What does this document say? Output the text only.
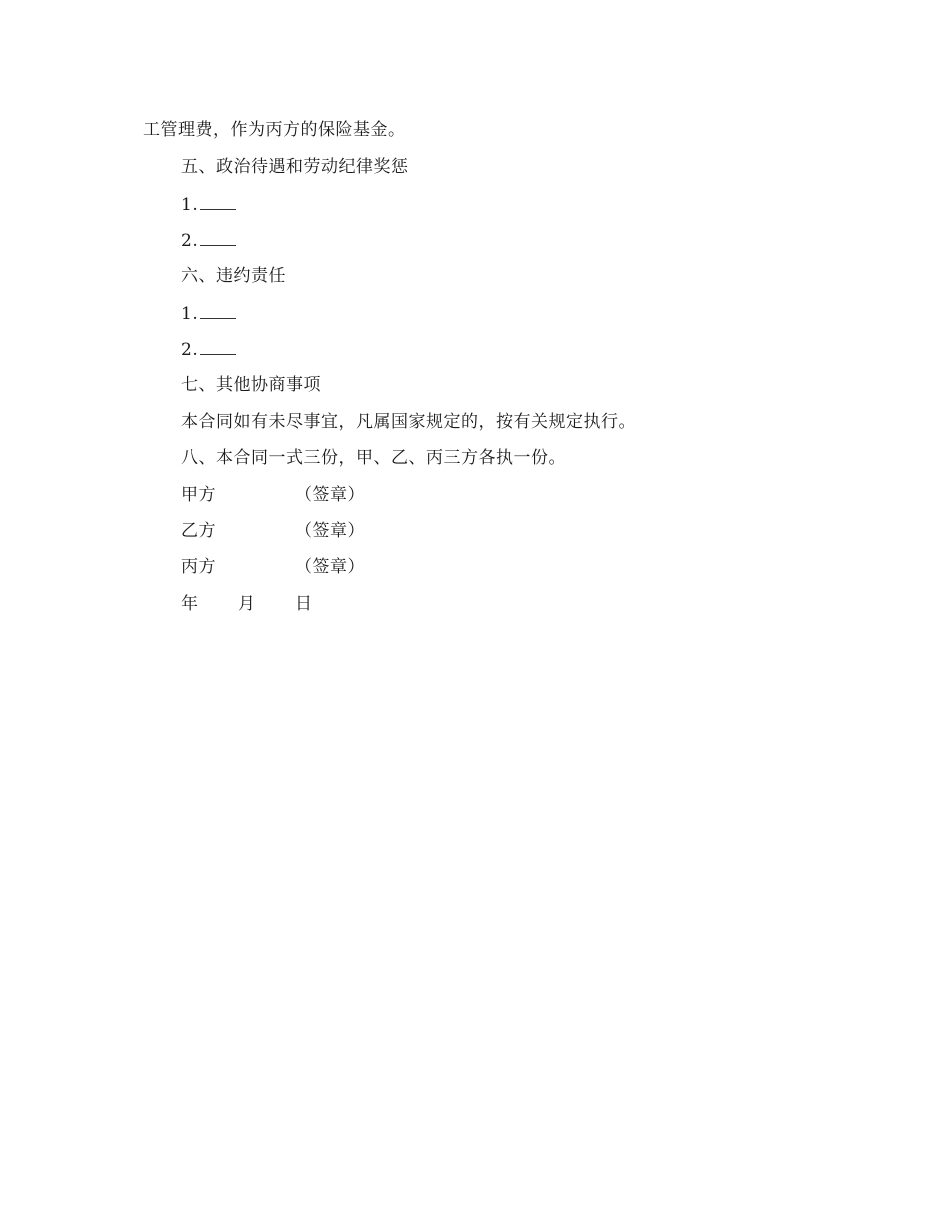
工管理费，作为丙方的保险基金。
五、政治待遇和劳动纪律奖惩
1.
2.
六、违约责任
1.
2.
七、其他协商事项
本合同如有未尽事宜，凡属国家规定的，按有关规定执行。
八、本合同一式三份，甲、乙、丙三方各执一份。
甲方	（签章）
乙方	（签章）
丙方	（签章）
年 月 日
